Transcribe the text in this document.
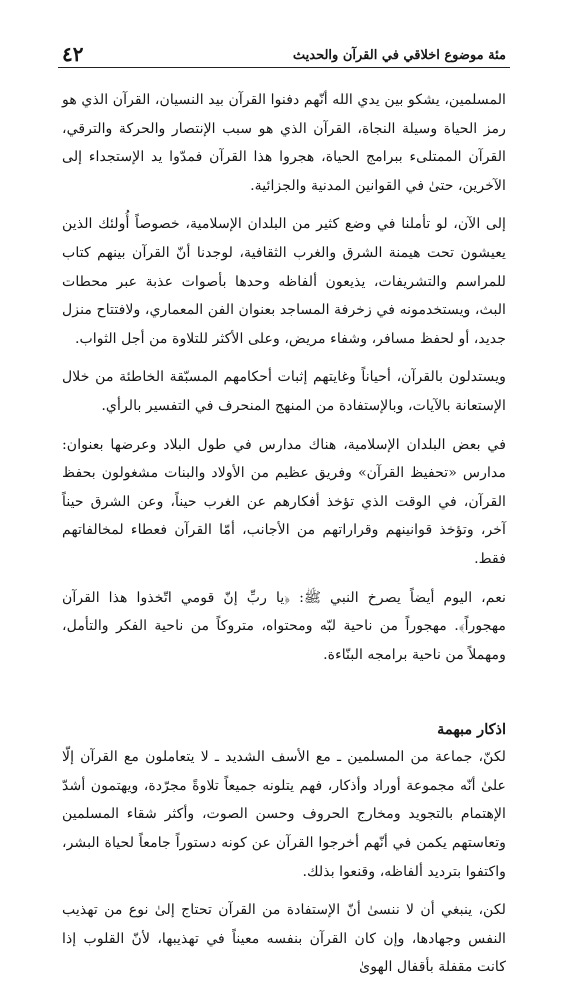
٤٢	مئة موضوع اخلاقي في القرآن والحديث

المسلمين، يشكو بين يدي الله أنّهم دفنوا القرآن بيد النسيان، القرآن الذي هو رمز الحياة وسيلة النجاة، القرآن الذي هو سبب الإنتصار والحركة والترقي، القرآن الممتلىء ببرامج الحياة، هجروا هذا القرآن فمدّوا يد الإستجداء إلى الآخرين، حتىٰ في القوانين المدنية والجزائية.

إلى الآن، لو تأملنا في وضع كثير من البلدان الإسلامية، خصوصاً أُولئك الذين يعيشون تحت هيمنة الشرق والغرب الثقافية، لوجدنا أنّ القرآن بينهم كتاب للمراسم والتشريفات، يذيعون ألفاظه وحدها بأصوات عذبة عبر محطات البث، ويستخدمونه في زخرفة المساجد بعنوان الفن المعماري، ولافتتاح منزل جديد، أو لحفظ مسافر، وشفاء مريض، وعلى الأكثر للتلاوة من أجل الثواب.

ويستدلون بالقرآن، أحياناً وغايتهم إثبات أحكامهم المسبّقة الخاطئة من خلال الإستعانة بالآيات، وبالإستفادة من المنهج المنحرف في التفسير بالرأي.

في بعض البلدان الإسلامية، هناك مدارس في طول البلاد وعرضها بعنوان: مدارس «تحفيظ القرآن» وفريق عظيم من الأولاد والبنات مشغولون بحفظ القرآن، في الوقت الذي تؤخذ أفكارهم عن الغرب حيناً، وعن الشرق حيناً آخر، وتؤخذ قوانينهم وقراراتهم من الأجانب، أمّا القرآن فعطاء لمخالفاتهم فقط.

نعم، اليوم أيضاً يصرخ النبي ﷺ: ﴿يا ربِّ إنّ قومي اتّخذوا هذا القرآن مهجوراً﴾. مهجوراً من ناحية لبّه ومحتواه، متروكاً من ناحية الفكر والتأمل، ومهملاً من ناحية برامجه البنّاءة.

اذكار مبهمة

لكنّ، جماعة من المسلمين ـ مع الأسف الشديد ـ لا يتعاملون مع القرآن إلّا علىٰ أنّه مجموعة أوراد وأذكار، فهم يتلونه جميعاً تلاوةً مجرّدة، ويهتمون أشدّ الإهتمام بالتجويد ومخارج الحروف وحسن الصوت، وأكثر شقاء المسلمين وتعاستهم يكمن في أنّهم أخرجوا القرآن عن كونه دستوراً جامعاً لحياة البشر، واكتفوا بترديد ألفاظه، وقنعوا بذلك.

لكن، ينبغي أن لا ننسىٰ أنّ الإستفادة من القرآن تحتاج إلىٰ نوع من تهذيب النفس وجهادها، وإن كان القرآن بنفسه معيناً في تهذيبها، لأنّ القلوب إذا كانت مقفلة بأقفال الهوىٰ
